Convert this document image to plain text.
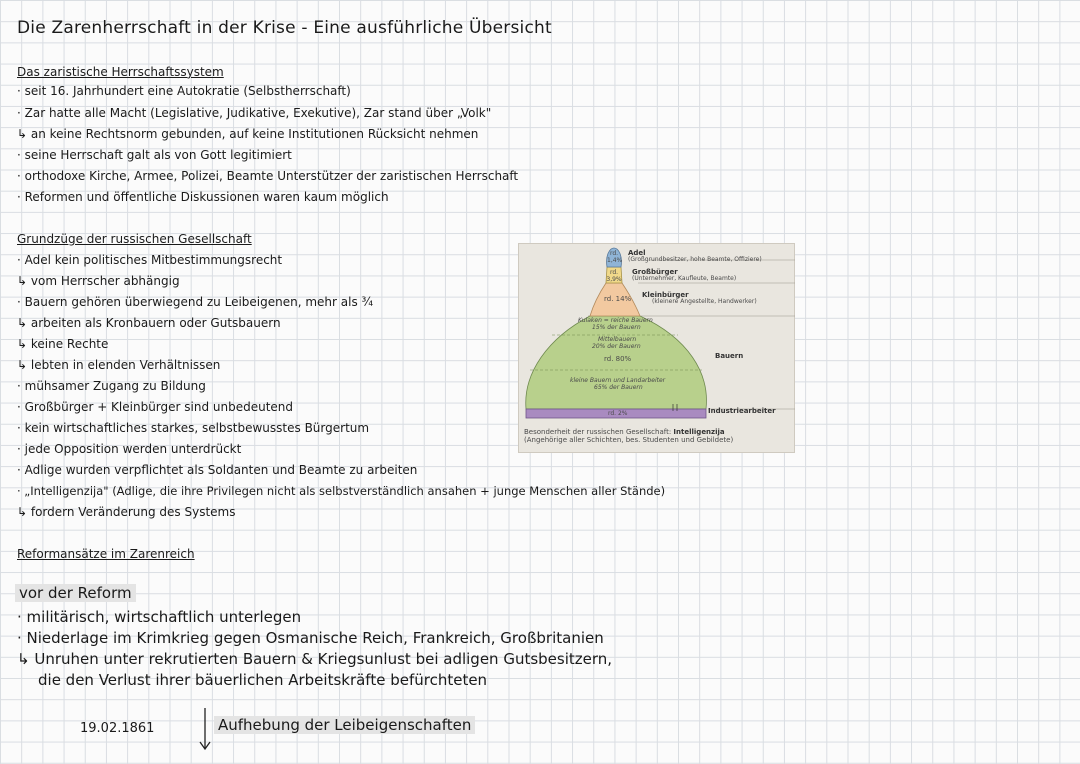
Die Zarenherrschaft in der Krise - Eine ausführliche Übersicht
Das zaristische Herrschaftssystem
· seit 16. Jahrhundert eine Autokratie (Selbstherrschaft)
· Zar hatte alle Macht (Legislative, Judikative, Exekutive), Zar stand über „Volk"
↳ an keine Rechtsnorm gebunden, auf keine Institutionen Rücksicht nehmen
· seine Herrschaft galt als von Gott legitimiert
· orthodoxe Kirche, Armee, Polizei, Beamte Unterstützer der zaristischen Herrschaft
· Reformen und öffentliche Diskussionen waren kaum möglich
Grundzüge der russischen Gesellschaft
· Adel kein politisches Mitbestimmungsrecht
↳ vom Herrscher abhängig
· Bauern gehören überwiegend zu Leibeigenen, mehr als ¾
↳ arbeiten als Kronbauern oder Gutsbauern
↳ keine Rechte
↳ lebten in elenden Verhältnissen
· mühsamer Zugang zu Bildung
· Großbürger + Kleinbürger sind unbedeutend
· kein wirtschaftliches starkes, selbstbewusstes Bürgertum
· jede Opposition werden unterdrückt
· Adlige wurden verpflichtet als Soldanten und Beamte zu arbeiten
· „Intelligenzija" (Adlige, die ihre Privilegen nicht als selbstverständlich ansahen + junge Menschen aller Stände)
↳ fordern Veränderung des Systems
Reformansätze im Zarenreich
vor der Reform
· militärisch, wirtschaftlich unterlegen
· Niederlage im Krimkrieg gegen Osmanische Reich, Frankreich, Großbritanien
↳ Unruhen unter rekrutierten Bauern & Kriegsunlust bei adligen Gutsbesitzern,
die den Verlust ihrer bäuerlichen Arbeitskräfte befürchteten
19.02.1861	Aufhebung der Leibeigenschaften
rd. 1,4%
rd. 3,9%
rd. 14%
Kulaken = reiche Bauern
15% der Bauern
Mittelbauern
20% der Bauern
rd. 80%
kleine Bauern und Landarbeiter
65% der Bauern
rd. 2%
Adel
(Großgrundbesitzer, hohe Beamte, Offiziere)
Großbürger
(Unternehmer, Kaufleute, Beamte)
Kleinbürger
(kleinere Angestellte, Handwerker)
Bauern
Industriearbeiter
Besonderheit der russischen Gesellschaft: Intelligenzija
(Angehörige aller Schichten, bes. Studenten und Gebildete)
